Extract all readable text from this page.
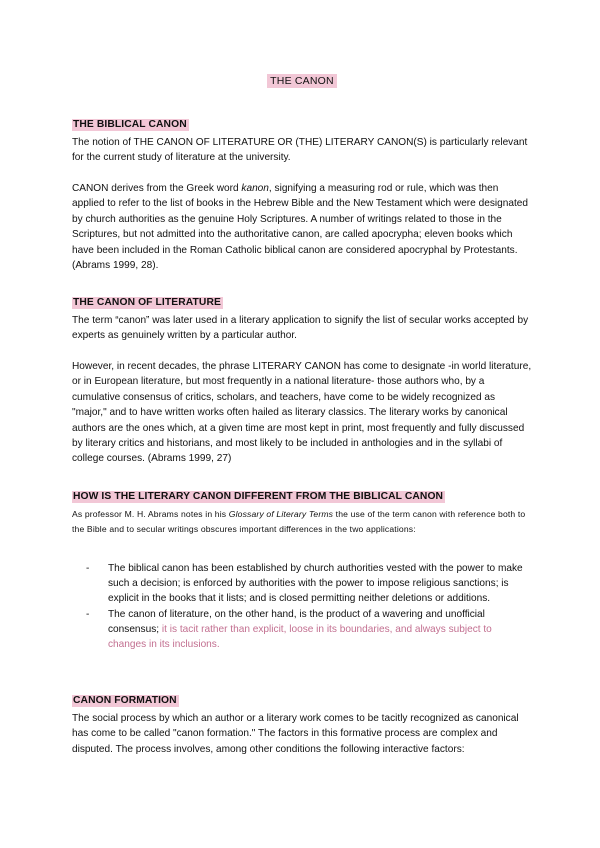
THE CANON
THE BIBLICAL CANON

The notion of THE CANON OF LITERATURE OR (THE) LITERARY CANON(S) is particularly relevant for the current study of literature at the university.

CANON derives from the Greek word kanon, signifying a measuring rod or rule, which was then applied to refer to the list of books in the Hebrew Bible and the New Testament which were designated by church authorities as the genuine Holy Scriptures. A number of writings related to those in the Scriptures, but not admitted into the authoritative canon, are called apocrypha; eleven books which have been included in the Roman Catholic biblical canon are considered apocryphal by Protestants. (Abrams 1999, 28).

THE CANON OF LITERATURE

The term “canon” was later used in a literary application to signify the list of secular works accepted by experts as genuinely written by a particular author.

However, in recent decades, the phrase LITERARY CANON has come to designate -in world literature, or in European literature, but most frequently in a national literature- those authors who, by a cumulative consensus of critics, scholars, and teachers, have come to be widely recognized as "major," and to have written works often hailed as literary classics. The literary works by canonical authors are the ones which, at a given time are most kept in print, most frequently and fully discussed by literary critics and historians, and most likely to be included in anthologies and in the syllabi of college courses. (Abrams 1999, 27)

HOW IS THE LITERARY CANON DIFFERENT FROM THE BIBLICAL CANON

As professor M. H. Abrams notes in his Glossary of Literary Terms the use of the term canon with reference both to the Bible and to secular writings obscures important differences in the two applications:

- The biblical canon has been established by church authorities vested with the power to make such a decision; is enforced by authorities with the power to impose religious sanctions; is explicit in the books that it lists; and is closed permitting neither deletions or additions.
- The canon of literature, on the other hand, is the product of a wavering and unofficial consensus; it is tacit rather than explicit, loose in its boundaries, and always subject to changes in its inclusions.
CANON FORMATION

The social process by which an author or a literary work comes to be tacitly recognized as canonical has come to be called "canon formation." The factors in this formative process are complex and disputed. The process involves, among other conditions the following interactive factors:
